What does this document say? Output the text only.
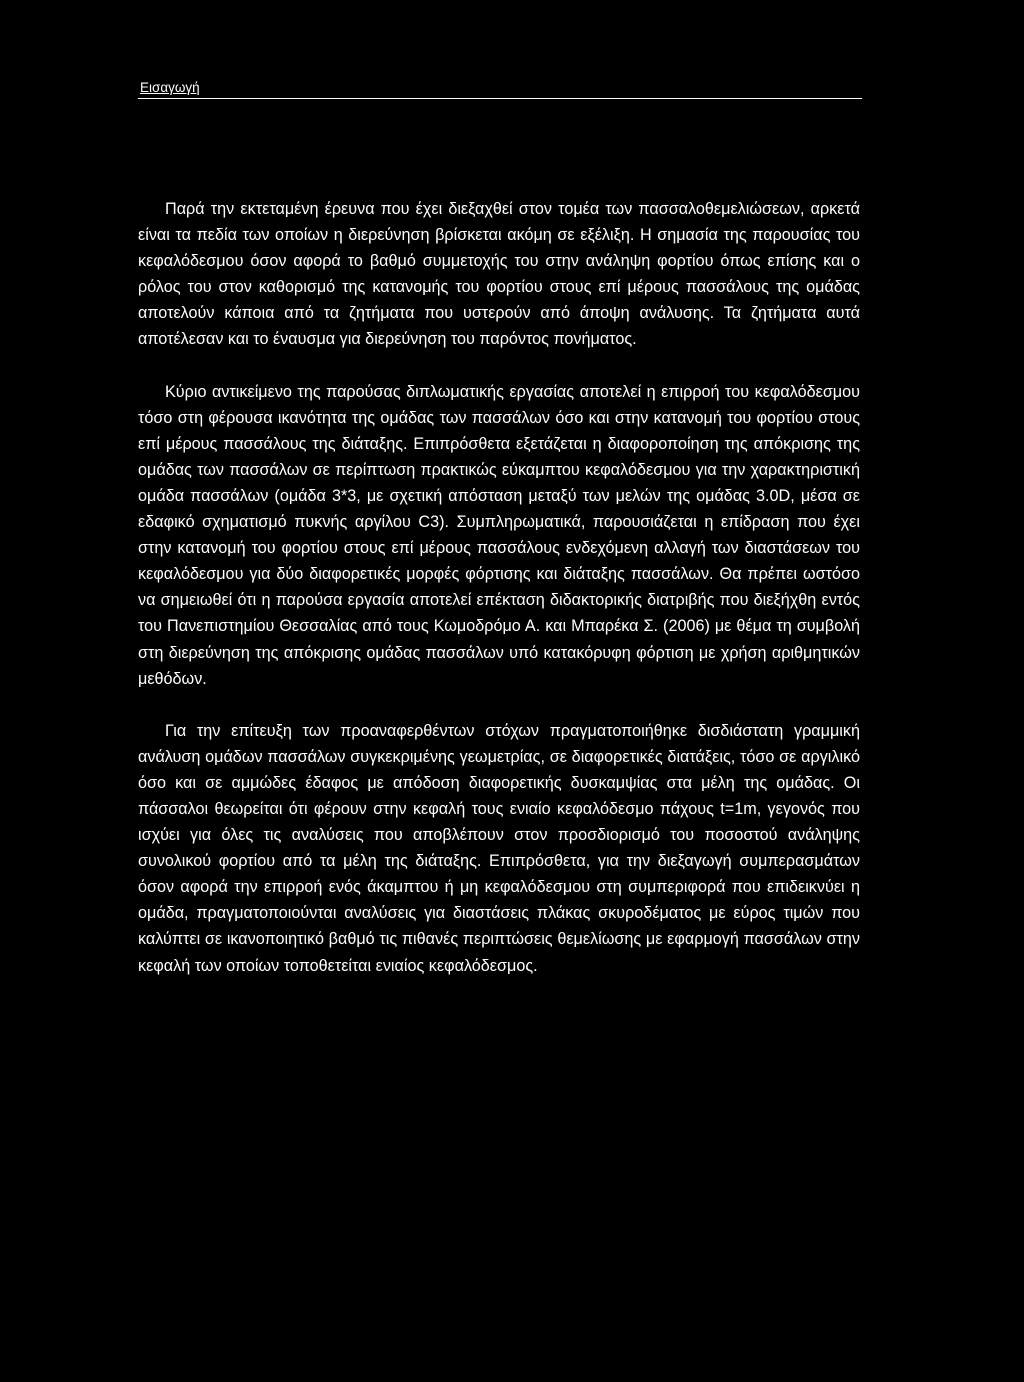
Εισαγωγή

Παρά την εκτεταμένη έρευνα που έχει διεξαχθεί στον τομέα των πασσαλοθεμελιώσεων, αρκετά είναι τα πεδία των οποίων η διερεύνηση βρίσκεται ακόμη σε εξέλιξη. Η σημασία της παρουσίας του κεφαλόδεσμου όσον αφορά το βαθμό συμμετοχής του στην ανάληψη φορτίου όπως επίσης και ο ρόλος του στον καθορισμό της κατανομής του φορτίου στους επί μέρους πασσάλους της ομάδας αποτελούν κάποια από τα ζητήματα που υστερούν από άποψη ανάλυσης. Τα ζητήματα αυτά αποτέλεσαν και το έναυσμα για διερεύνηση του παρόντος πονήματος.

Κύριο αντικείμενο της παρούσας διπλωματικής εργασίας αποτελεί η επιρροή του κεφαλόδεσμου τόσο στη φέρουσα ικανότητα της ομάδας των πασσάλων όσο και στην κατανομή του φορτίου στους επί μέρους πασσάλους της διάταξης. Επιπρόσθετα εξετάζεται η διαφοροποίηση της απόκρισης της ομάδας των πασσάλων σε περίπτωση πρακτικώς εύκαμπτου κεφαλόδεσμου για την χαρακτηριστική ομάδα πασσάλων (ομάδα 3*3, με σχετική απόσταση μεταξύ των μελών της ομάδας 3.0D, μέσα σε εδαφικό σχηματισμό πυκνής αργίλου C3). Συμπληρωματικά, παρουσιάζεται η επίδραση που έχει στην κατανομή του φορτίου στους επί μέρους πασσάλους ενδεχόμενη αλλαγή των διαστάσεων του κεφαλόδεσμου για δύο διαφορετικές μορφές φόρτισης και διάταξης πασσάλων. Θα πρέπει ωστόσο να σημειωθεί ότι η παρούσα εργασία αποτελεί επέκταση διδακτορικής διατριβής που διεξήχθη εντός του Πανεπιστημίου Θεσσαλίας από τους Κωμοδρόμο Α. και Μπαρέκα Σ. (2006) με θέμα τη συμβολή στη διερεύνηση της απόκρισης ομάδας πασσάλων υπό κατακόρυφη φόρτιση με χρήση αριθμητικών μεθόδων.

Για την επίτευξη των προαναφερθέντων στόχων πραγματοποιήθηκε δισδιάστατη γραμμική ανάλυση ομάδων πασσάλων συγκεκριμένης γεωμετρίας, σε διαφορετικές διατάξεις, τόσο σε αργιλικό όσο και σε αμμώδες έδαφος με απόδοση διαφορετικής δυσκαμψίας στα μέλη της ομάδας. Οι πάσσαλοι θεωρείται ότι φέρουν στην κεφαλή τους ενιαίο κεφαλόδεσμο πάχους t=1m, γεγονός που ισχύει για όλες τις αναλύσεις που αποβλέπουν στον προσδιορισμό του ποσοστού ανάληψης συνολικού φορτίου από τα μέλη της διάταξης. Επιπρόσθετα, για την διεξαγωγή συμπερασμάτων όσον αφορά την επιρροή ενός άκαμπτου ή μη κεφαλόδεσμου στη συμπεριφορά που επιδεικνύει η ομάδα, πραγματοποιούνται αναλύσεις για διαστάσεις πλάκας σκυροδέματος με εύρος τιμών που καλύπτει σε ικανοποιητικό βαθμό τις πιθανές περιπτώσεις θεμελίωσης με εφαρμογή πασσάλων στην κεφαλή των οποίων τοποθετείται ενιαίος κεφαλόδεσμος.
